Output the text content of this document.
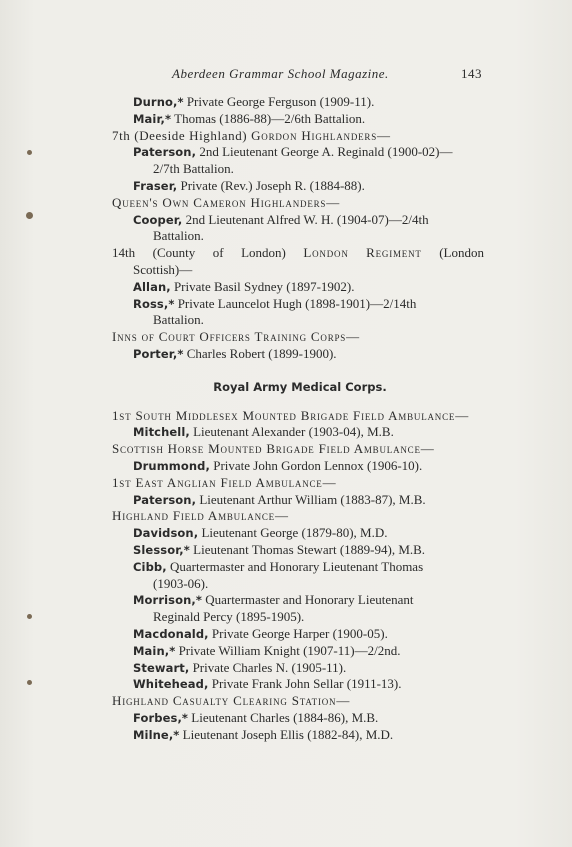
Aberdeen Grammar School Magazine.	143
Durno,* Private George Ferguson (1909-11).
Mair,* Thomas (1886-88)—2/6th Battalion.
7th (Deeside Highland) Gordon Highlanders—
Paterson, 2nd Lieutenant George A. Reginald (1900-02)—
2/7th Battalion.
Fraser, Private (Rev.) Joseph R. (1884-88).
Queen's Own Cameron Highlanders—
Cooper, 2nd Lieutenant Alfred W. H. (1904-07)—2/4th
Battalion.
14th (County of London) London Regiment (London
Scottish)—
Allan, Private Basil Sydney (1897-1902).
Ross,* Private Launcelot Hugh (1898-1901)—2/14th
Battalion.
Inns of Court Officers Training Corps—
Porter,* Charles Robert (1899-1900).
Royal Army Medical Corps.
1st South Middlesex Mounted Brigade Field Ambulance—
Mitchell, Lieutenant Alexander (1903-04), M.B.
Scottish Horse Mounted Brigade Field Ambulance—
Drummond, Private John Gordon Lennox (1906-10).
1st East Anglian Field Ambulance—
Paterson, Lieutenant Arthur William (1883-87), M.B.
Highland Field Ambulance—
Davidson, Lieutenant George (1879-80), M.D.
Slessor,* Lieutenant Thomas Stewart (1889-94), M.B.
Cibb, Quartermaster and Honorary Lieutenant Thomas
(1903-06).
Morrison,* Quartermaster and Honorary Lieutenant
Reginald Percy (1895-1905).
Macdonald, Private George Harper (1900-05).
Main,* Private William Knight (1907-11)—2/2nd.
Stewart, Private Charles N. (1905-11).
Whitehead, Private Frank John Sellar (1911-13).
Highland Casualty Clearing Station—
Forbes,* Lieutenant Charles (1884-86), M.B.
Milne,* Lieutenant Joseph Ellis (1882-84), M.D.
